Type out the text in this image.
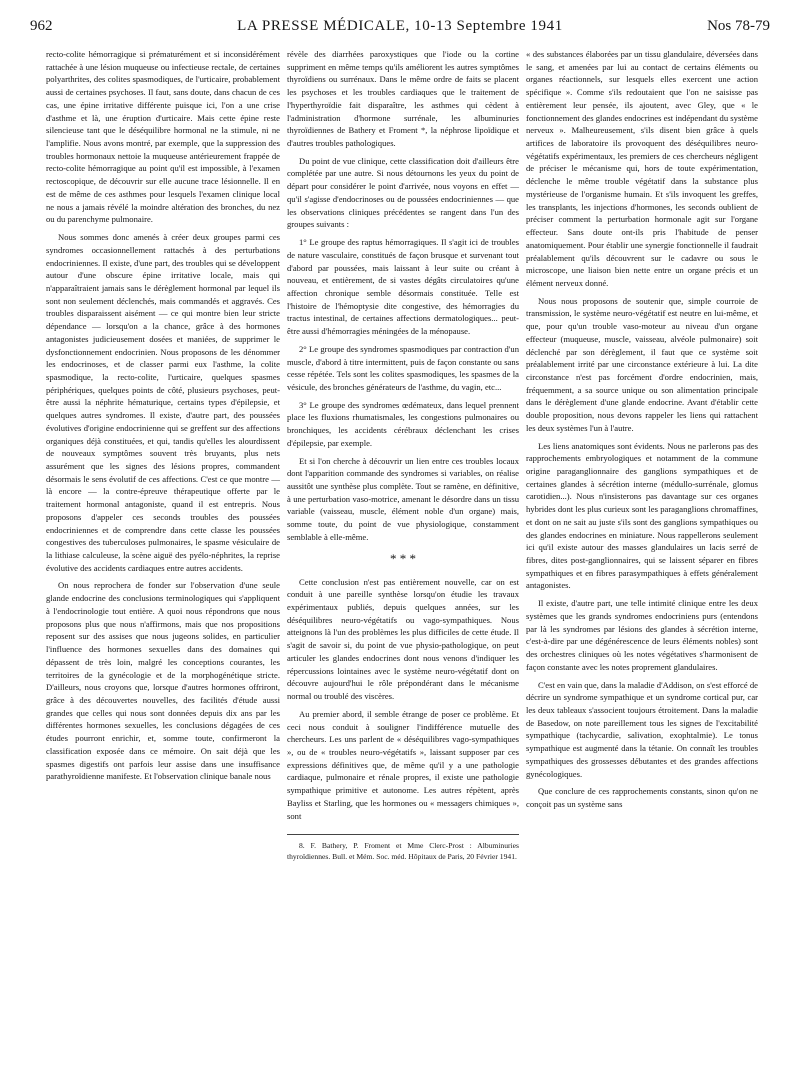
962	LA PRESSE MÉDICALE, 10-13 Septembre 1941	Nos 78-79

recto-colite hémorragique si prématurément et si inconsidérément rattachée à une lésion muqueuse ou infectieuse rectale, de certaines polyarthrites, des colites spasmodiques, de l'urticaire, probablement aussi de certaines psychoses. Il faut, sans doute, dans chacun de ces cas, une épine irritative différente puisque ici, l'on a une crise d'asthme et là, une éruption d'urticaire. Mais cette épine reste silencieuse tant que le déséquilibre hormonal ne la stimule, ni ne l'amplifie. Nous avons montré, par exemple, que la suppression des troubles hormonaux nettoie la muqueuse antérieurement frappée de recto-colite hémorragique au point qu'il est impossible, à l'examen rectoscopique, de découvrir sur elle aucune trace lésionnelle. Il en est de même de ces asthmes pour lesquels l'examen clinique local ne nous a jamais révélé la moindre altération des bronches, du nez ou du parenchyme pulmonaire.

Nous sommes donc amenés à créer deux groupes parmi ces syndromes occasionnellement rattachés à des perturbations endocriniennes. Il existe, d'une part, des troubles qui se développent autour d'une obscure épine irritative locale, mais qui n'apparaîtraient jamais sans le dérèglement hormonal par lequel ils sont non seulement déclenchés, mais commandés et aggravés. Ces troubles disparaissent aisément — ce qui montre bien leur stricte dépendance — lorsqu'on a la chance, grâce à des hormones antagonistes judicieusement dosées et maniées, de supprimer le dysfonctionnement endocrinien. Nous proposons de les dénommer les endocrinoses, et de classer parmi eux l'asthme, la colite spasmodique, la recto-colite, l'urticaire, quelques spasmes périphériques, quelques points de côté, plusieurs psychoses, peut-être aussi la néphrite hématurique, certains types d'épilepsie, et quelques autres syndromes. Il existe, d'autre part, des poussées évolutives d'origine endocrinienne qui se greffent sur des affections organiques déjà constituées, et qui, tandis qu'elles les alourdissent de nouveaux symptômes souvent très bruyants, plus nets assurément que les signes des lésions propres, commandent désormais le sens évolutif de ces affections. C'est ce que montre — là encore — la contre-épreuve thérapeutique offerte par le traitement hormonal antagoniste, quand il est entrepris. Nous proposons d'appeler ces seconds troubles des poussées endocriniennes et de comprendre dans cette classe les poussées congestives des tuberculoses pulmonaires, le spasme vésiculaire de la lithiase calculeuse, la scène aiguë des pyélo-néphrites, la reprise évolutive des accidents cardiaques entre autres accidents.

On nous reprochera de fonder sur l'observation d'une seule glande endocrine des conclusions terminologiques qui s'appliquent à l'endocrinologie tout entière. A quoi nous répondrons que nous proposons plus que nous n'affirmons, mais que nos propositions reposent sur des assises que nous jugeons solides, en particulier l'influence des hormones sexuelles dans des domaines qui dépassent de très loin, malgré les conceptions courantes, les territoires de la gynécologie et de la morphogénétique stricte. D'ailleurs, nous croyons que, lorsque d'autres hormones offriront, grâce à des découvertes nouvelles, des facilités d'étude aussi grandes que celles qui nous sont données depuis dix ans par les différentes hormones sexuelles, les conclusions dégagées de ces études pourront enrichir, et, somme toute, confirmeront la classification exposée dans ce mémoire. On sait déjà que les spasmes digestifs ont parfois leur assise dans une insuffisance parathyroïdienne manifeste. Et l'observation clinique banale nous

révèle des diarrhées paroxystiques que l'iode ou la cortine suppriment en même temps qu'ils améliorent les autres symptômes thyroïdiens ou surrénaux. Dans le même ordre de faits se placent les psychoses et les troubles cardiaques que le traitement de l'hyperthyroïdie fait disparaître, les asthmes qui cèdent à l'administration d'hormone surrénale, les albuminuries thyroïdiennes de Bathery et Froment *, la néphrose lipoïdique et d'autres troubles pathologiques.

Du point de vue clinique, cette classification doit d'ailleurs être complétée par une autre. Si nous détournons les yeux du point de départ pour considérer le point d'arrivée, nous voyons en effet — qu'il s'agisse d'endocrinoses ou de poussées endocriniennes — que les observations cliniques précédentes se rangent dans l'un des groupes suivants :

1° Le groupe des raptus hémorragiques. Il s'agit ici de troubles de nature vasculaire, constitués de façon brusque et survenant tout d'abord par poussées, mais laissant à leur suite ou créant à nouveau, et entièrement, de si vastes dégâts circulatoires qu'une affection chronique semble désormais constituée. Telle est l'histoire de l'hémoptysie dite congestive, des hémorragies du tractus intestinal, de certaines affections dermatologiques... peut-être aussi d'hémorragies méningées de la ménopause.

2° Le groupe des syndromes spasmodiques par contraction d'un muscle, d'abord à titre intermittent, puis de façon constante ou sans cesse répétée. Tels sont les colites spasmodiques, les spasmes de la vésicule, des bronches générateurs de l'asthme, du vagin, etc...

3° Le groupe des syndromes œdémateux, dans lequel prennent place les fluxions rhumatismales, les congestions pulmonaires ou bronchiques, les accidents cérébraux déclenchant les crises d'épilepsie, par exemple.

Et si l'on cherche à découvrir un lien entre ces troubles locaux dont l'apparition commande des syndromes si variables, on réalise aussitôt une synthèse plus complète. Tout se ramène, en définitive, à une perturbation vaso-motrice, amenant le désordre dans un tissu variable (vaisseau, muscle, élément noble d'un organe) mais, somme toute, du point de vue physiologique, constamment semblable à elle-même.

* * *

Cette conclusion n'est pas entièrement nouvelle, car on est conduit à une pareille synthèse lorsqu'on étudie les travaux expérimentaux publiés, depuis quelques années, sur les déséquilibres neuro-végétatifs ou vago-sympathiques. Nous atteignons là l'un des problèmes les plus difficiles de cette étude. Il s'agit de savoir si, du point de vue physio-pathologique, on peut articuler les glandes endocrines dont nous venons d'indiquer les répercussions lointaines avec le système neuro-végétatif dont on découvre aujourd'hui le rôle prépondérant dans le mécanisme normal ou troublé des viscères.

Au premier abord, il semble étrange de poser ce problème. Et ceci nous conduit à souligner l'indifférence mutuelle des chercheurs. Les uns parlent de « déséquilibres vago-sympathiques », ou de « troubles neuro-végétatifs », laissant supposer par ces expressions définitives que, de même qu'il y a une pathologie cardiaque, pulmonaire et rénale propres, il existe une pathologie sympathique primitive et autonome. Les autres répètent, après Bayliss et Starling, que les hormones ou « messagers chimiques », sont

8. F. Bathery, P. Froment et Mme Clerc-Prost : Albuminuries thyroïdiennes. Bull. et Mém. Soc. méd. Hôpitaux de Paris, 20 Février 1941.

« des substances élaborées par un tissu glandulaire, déversées dans le sang, et amenées par lui au contact de certains éléments ou organes réactionnels, sur lesquels elles exercent une action spécifique ». Comme s'ils redoutaient que l'on ne saisisse pas entièrement leur pensée, ils ajoutent, avec Gley, que « le fonctionnement des glandes endocrines est indépendant du système nerveux ». Malheureusement, s'ils disent bien grâce à quels artifices de laboratoire ils provoquent des déséquilibres neuro-végétatifs expérimentaux, les premiers de ces chercheurs négligent de préciser le mécanisme qui, hors de toute expérimentation, déclenche le même trouble végétatif dans la substance plus mystérieuse de l'organisme humain. Et s'ils invoquent les greffes, les transplants, les injections d'hormones, les seconds oublient de préciser comment la perturbation hormonale agit sur l'organe effecteur. Sans doute ont-ils pris l'habitude de penser anatomiquement. Pour établir une synergie fonctionnelle il faudrait préalablement qu'ils découvrent sur le cadavre ou sous le microscope, une liaison bien nette entre un organe précis et un élément nerveux donné.

Nous nous proposons de soutenir que, simple courroie de transmission, le système neuro-végétatif est neutre en lui-même, et que, pour qu'un trouble vaso-moteur au niveau d'un organe effecteur (muqueuse, muscle, vaisseau, alvéole pulmonaire) soit déclenché par son dérèglement, il faut que ce système soit préalablement irrité par une circonstance extérieure à lui. La dite circonstance n'est pas forcément d'ordre endocrinien, mais, fréquemment, a sa source unique ou son alimentation principale dans le dérèglement d'une glande endocrine. Avant d'établir cette double proposition, nous devons rappeler les liens qui rattachent les deux systèmes l'un à l'autre.

Les liens anatomiques sont évidents. Nous ne parlerons pas des rapprochements embryologiques et notamment de la commune origine paraganglionnaire des ganglions sympathiques et de certaines glandes à sécrétion interne (médullo-surrénale, glomus carotidien...). Nous n'insisterons pas davantage sur ces organes hybrides dont les plus curieux sont les paraganglions chromaffines, et dont on ne sait au juste s'ils sont des ganglions sympathiques ou des glandes endocrines en miniature. Nous rappellerons seulement ici qu'il existe autour des masses glandulaires un lacis serré de fibres, dites post-ganglionnaires, qui se laissent séparer en fibres sympathiques et en fibres parasympathiques à effets généralement antagonistes.

Il existe, d'autre part, une telle intimité clinique entre les deux systèmes que les grands syndromes endocriniens purs (entendons par là les syndromes par lésions des glandes à sécrétion interne, c'est-à-dire par une dégénérescence de leurs éléments nobles) sont des orchestres cliniques où les notes végétatives s'harmonisent de façon constante avec les notes proprement glandulaires.

C'est en vain que, dans la maladie d'Addison, on s'est efforcé de décrire un syndrome sympathique et un syndrome cortical pur, car les deux tableaux s'associent toujours étroitement. Dans la maladie de Basedow, on note pareillement tous les signes de l'excitabilité sympathique (tachycardie, salivation, exophtalmie). Le tonus sympathique est augmenté dans la tétanie. On connaît les troubles sympathiques des grossesses débutantes et des grandes affections gynécologiques.

Que conclure de ces rapprochements constants, sinon qu'on ne conçoit pas un système sans
